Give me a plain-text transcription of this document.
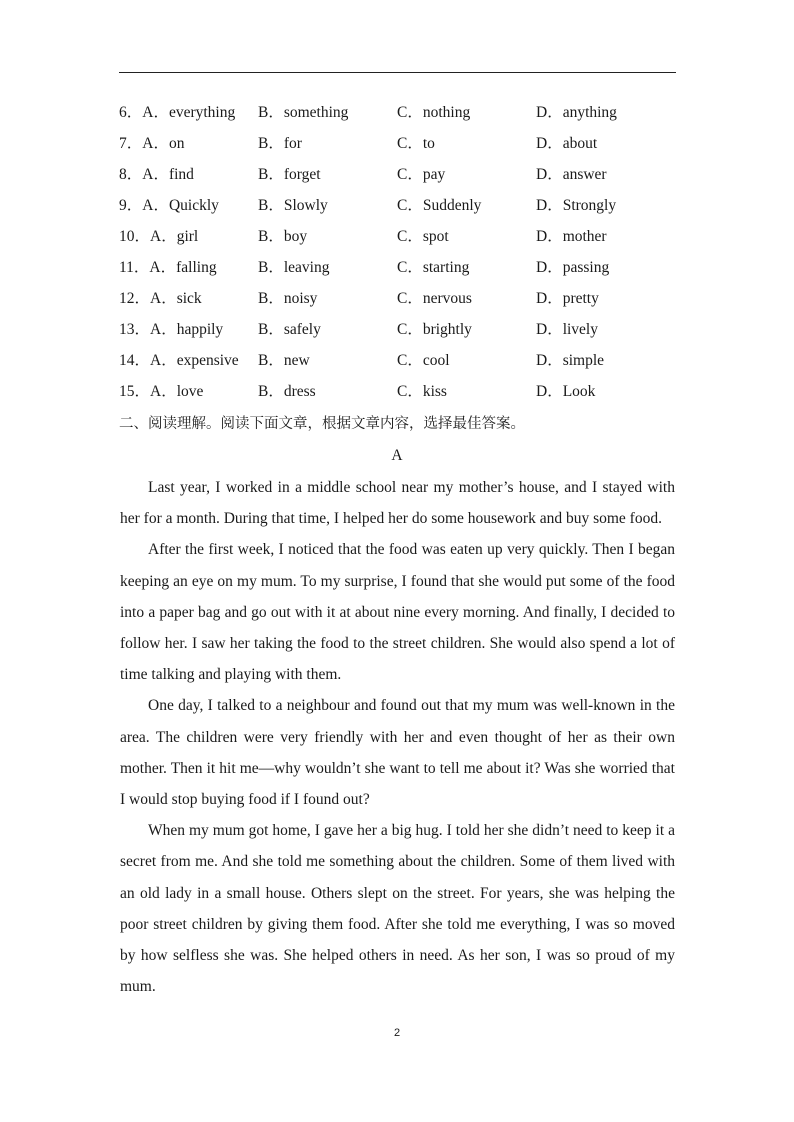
6．A．everything B．something	C．nothing	D．anything
7．A．on	B．for	C．to	D．about
8．A．find	B．forget	C．pay	D．answer
9．A．Quickly	B．Slowly	C．Suddenly	D．Strongly
10．A．girl	B．boy	C．spot	D．mother
11．A．falling	B．leaving	C．starting	D．passing
12．A．sick	B．noisy	C．nervous	D．pretty
13．A．happily B．safely	C．brightly	D．lively
14．A．expensive B．new	C．cool	D．simple
15．A．love	B．dress	C．kiss	D．Look
二、阅读理解。阅读下面文章，根据文章内容，选择最佳答案。
A

Last year, I worked in a middle school near my mother’s house, and I stayed with her for a month. During that time, I helped her do some housework and buy some food.

After the first week, I noticed that the food was eaten up very quickly. Then I began keeping an eye on my mum. To my surprise, I found that she would put some of the food into a paper bag and go out with it at about nine every morning. And finally, I decided to follow her. I saw her taking the food to the street children. She would also spend a lot of time talking and playing with them.

One day, I talked to a neighbour and found out that my mum was well-known in the area. The children were very friendly with her and even thought of her as their own mother. Then it hit me—why wouldn’t she want to tell me about it? Was she worried that I would stop buying food if I found out?

When my mum got home, I gave her a big hug. I told her she didn’t need to keep it a secret from me. And she told me something about the children. Some of them lived with an old lady in a small house. Others slept on the street. For years, she was helping the poor street children by giving them food. After she told me everything, I was so moved by how selfless she was. She helped others in need. As her son, I was so proud of my mum.

2
